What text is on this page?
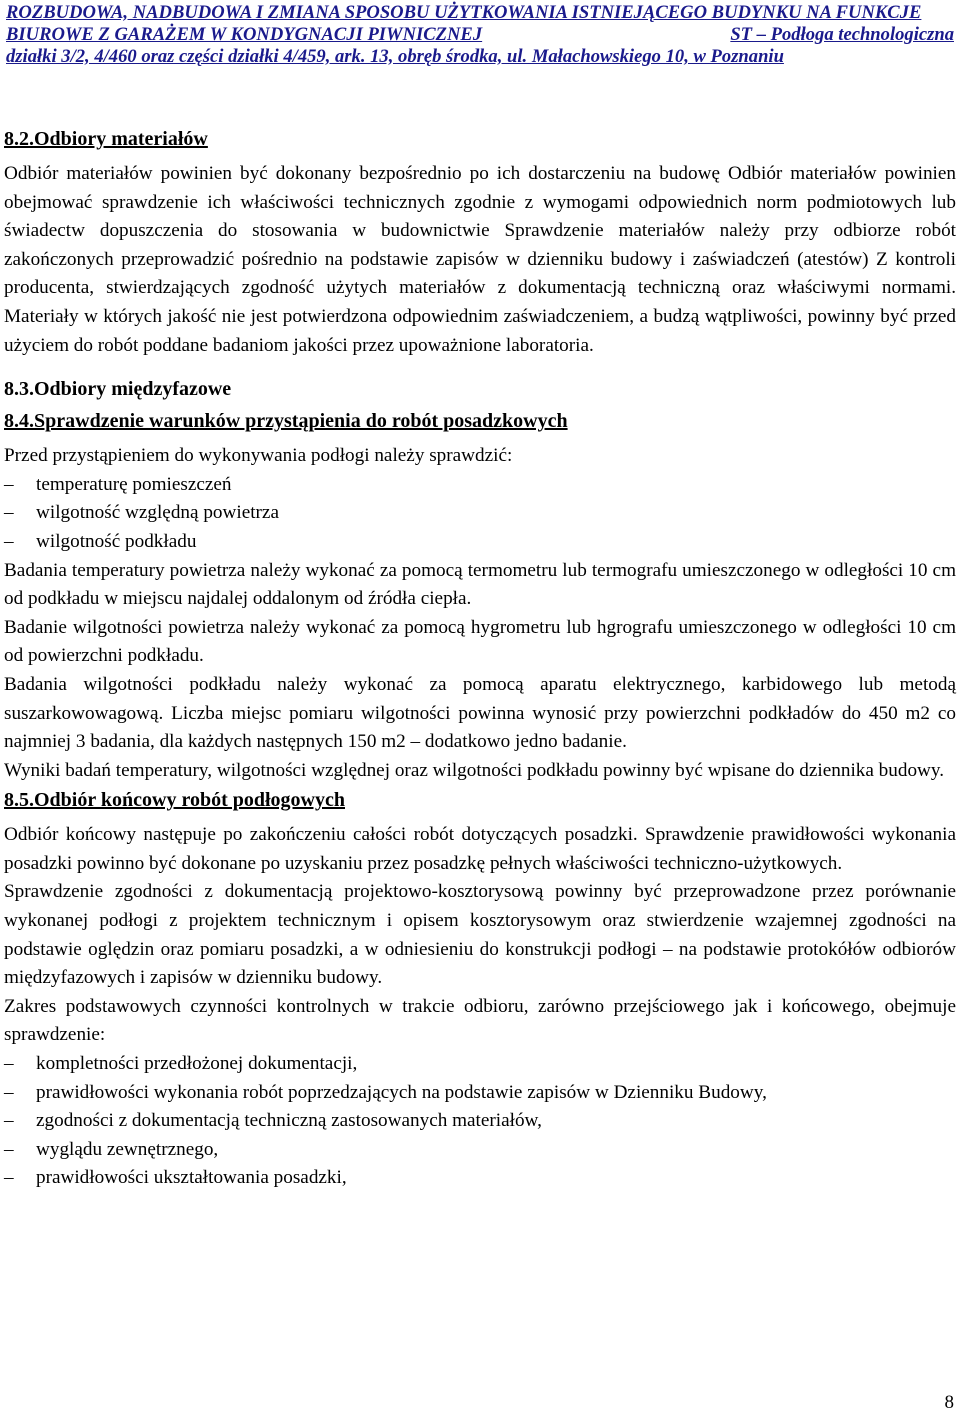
ROZBUDOWA, NADBUDOWA I ZMIANA SPOSOBU UŻYTKOWANIA ISTNIEJĄCEGO BUDYNKU NA FUNKCJE
BIUROWE Z GARAŻEM W KONDYGNACJI PIWNICZNEJ	ST – Podłoga technologiczna
działki 3/2, 4/460 oraz części działki 4/459, ark. 13, obręb środka, ul. Małachowskiego 10, w Poznaniu
8.2.Odbiory materiałów

Odbiór materiałów powinien być dokonany bezpośrednio po ich dostarczeniu na budowę Odbiór materiałów powinien obejmować sprawdzenie ich właściwości technicznych zgodnie z wymogami odpowiednich norm podmiotowych lub świadectw dopuszczenia do stosowania w budownictwie Sprawdzenie materiałów należy przy odbiorze robót zakończonych przeprowadzić pośrednio na podstawie zapisów w dzienniku budowy i zaświadczeń (atestów) Z kontroli producenta, stwierdzających zgodność użytych materiałów z dokumentacją techniczną oraz właściwymi normami. Materiały w których jakość nie jest potwierdzona odpowiednim zaświadczeniem, a budzą wątpliwości, powinny być przed użyciem do robót poddane badaniom jakości przez upoważnione laboratoria.

8.3.Odbiory międzyfazowe
8.4.Sprawdzenie warunków przystąpienia do robót posadzkowych

Przed przystąpieniem do wykonywania podłogi należy sprawdzić:

–	temperaturę pomieszczeń
–	wilgotność względną powietrza
–	wilgotność podkładu

Badania temperatury powietrza należy wykonać za pomocą termometru lub termografu umieszczonego w odległości 10 cm od podkładu w miejscu najdalej oddalonym od źródła ciepła.

Badanie wilgotności powietrza należy wykonać za pomocą hygrometru lub hgrografu umieszczonego w odległości 10 cm od powierzchni podkładu.

Badania wilgotności podkładu należy wykonać za pomocą aparatu elektrycznego, karbidowego lub metodą suszarkowowagową. Liczba miejsc pomiaru wilgotności powinna wynosić przy powierzchni podkładów do 450 m2 co najmniej 3 badania, dla każdych następnych 150 m2 – dodatkowo jedno badanie.

Wyniki badań temperatury, wilgotności względnej oraz wilgotności podkładu powinny być wpisane do dziennika budowy.

8.5.Odbiór końcowy robót podłogowych

Odbiór końcowy następuje po zakończeniu całości robót dotyczących posadzki. Sprawdzenie prawidłowości wykonania posadzki powinno być dokonane po uzyskaniu przez posadzkę pełnych właściwości techniczno-użytkowych.

Sprawdzenie zgodności z dokumentacją projektowo-kosztorysową powinny być przeprowadzone przez porównanie wykonanej podłogi z projektem technicznym i opisem kosztorysowym oraz stwierdzenie wzajemnej zgodności na podstawie oględzin oraz pomiaru posadzki, a w odniesieniu do konstrukcji podłogi – na podstawie protokółów odbiorów międzyfazowych i zapisów w dzienniku budowy.

Zakres podstawowych czynności kontrolnych w trakcie odbioru, zarówno przejściowego jak i końcowego, obejmuje sprawdzenie:

–	kompletności przedłożonej dokumentacji,
–	prawidłowości wykonania robót poprzedzających na podstawie zapisów w Dzienniku Budowy,
–	zgodności z dokumentacją techniczną zastosowanych materiałów,
–	wyglądu zewnętrznego,
–	prawidłowości ukształtowania posadzki,
8
